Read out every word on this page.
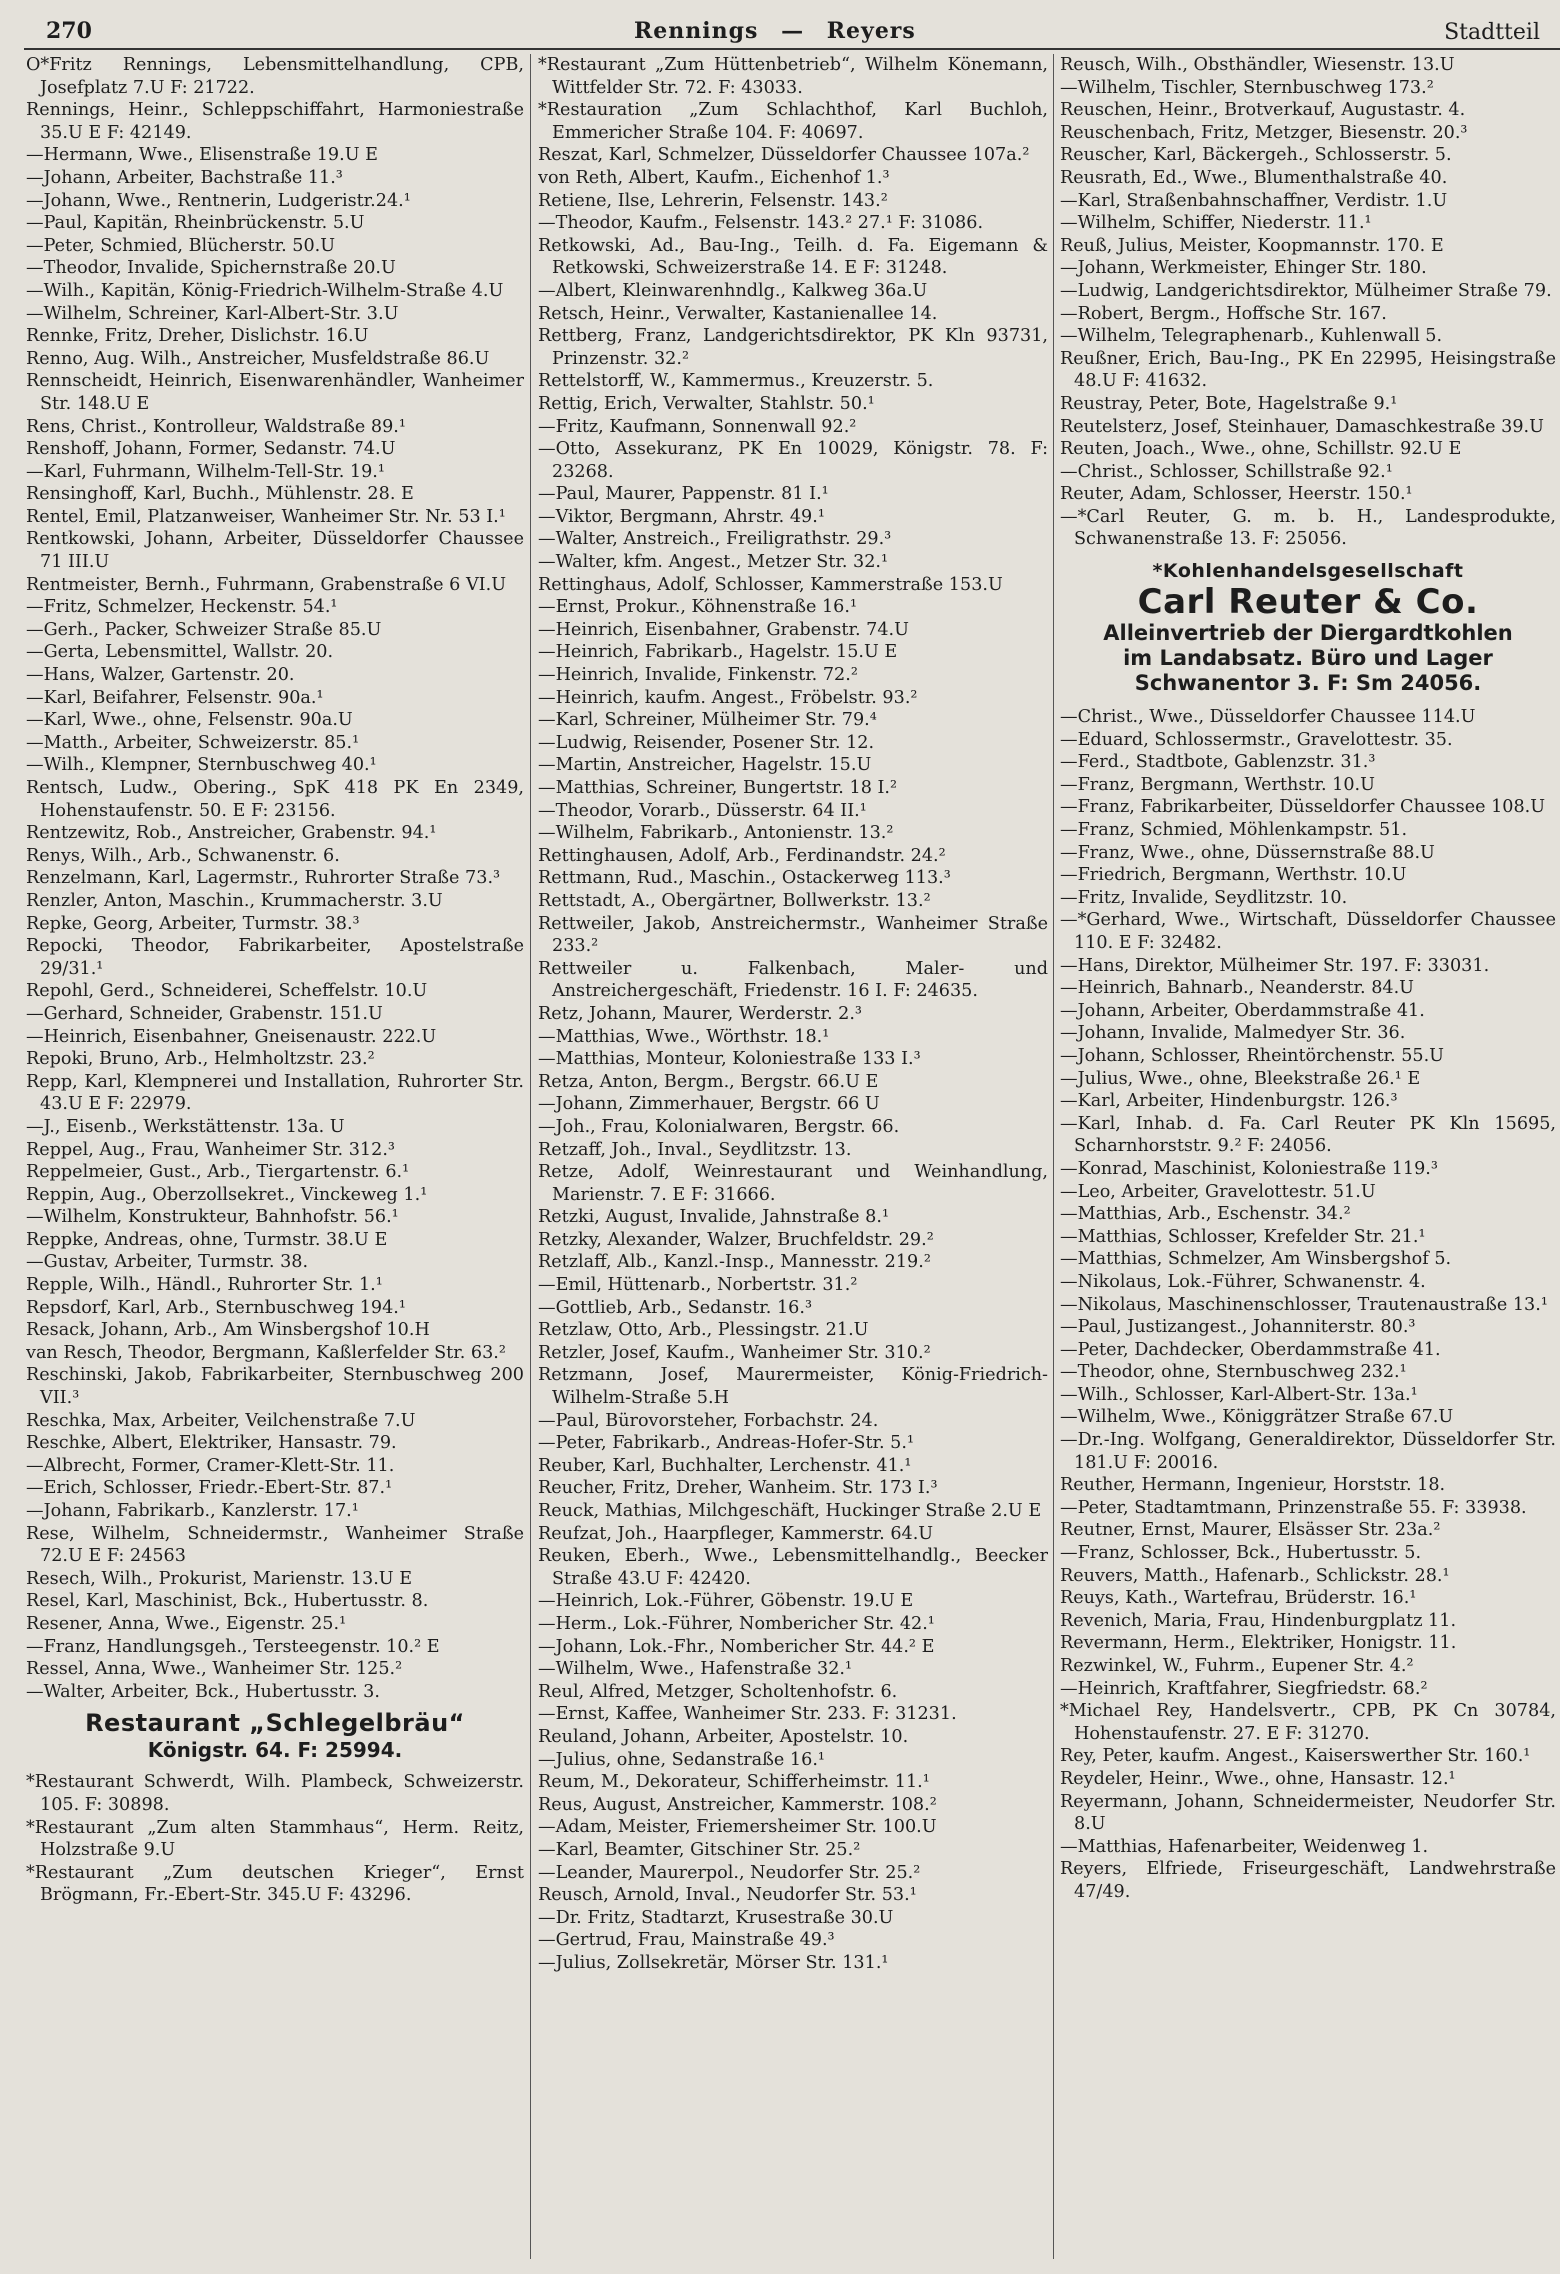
270	Rennings — Reyers	Stadtteil

O*Fritz Rennings, Lebensmittelhandlung, CPB, Josefplatz 7.U F: 21722.

Rennings, Heinr., Schleppschiffahrt, Harmoniestraße 35.U E F: 42149.

—Hermann, Wwe., Elisenstraße 19.U E

—Johann, Arbeiter, Bachstraße 11.³

—Johann, Wwe., Rentnerin, Ludgeristr.24.¹

—Paul, Kapitän, Rheinbrückenstr. 5.U

—Peter, Schmied, Blücherstr. 50.U

—Theodor, Invalide, Spichernstraße 20.U

—Wilh., Kapitän, König-Friedrich-Wilhelm-Straße 4.U

—Wilhelm, Schreiner, Karl-Albert-Str. 3.U

Rennke, Fritz, Dreher, Dislichstr. 16.U

Renno, Aug. Wilh., Anstreicher, Musfeldstraße 86.U

Rennscheidt, Heinrich, Eisenwarenhändler, Wanheimer Str. 148.U E

Rens, Christ., Kontrolleur, Waldstraße 89.¹

Renshoff, Johann, Former, Sedanstr. 74.U

—Karl, Fuhrmann, Wilhelm-Tell-Str. 19.¹

Rensinghoff, Karl, Buchh., Mühlenstr. 28. E

Rentel, Emil, Platzanweiser, Wanheimer Str. Nr. 53 I.¹

Rentkowski, Johann, Arbeiter, Düsseldorfer Chaussee 71 III.U

Rentmeister, Bernh., Fuhrmann, Grabenstraße 6 VI.U

—Fritz, Schmelzer, Heckenstr. 54.¹

—Gerh., Packer, Schweizer Straße 85.U

—Gerta, Lebensmittel, Wallstr. 20.

—Hans, Walzer, Gartenstr. 20.

—Karl, Beifahrer, Felsenstr. 90a.¹

—Karl, Wwe., ohne, Felsenstr. 90a.U

—Matth., Arbeiter, Schweizerstr. 85.¹

—Wilh., Klempner, Sternbuschweg 40.¹

Rentsch, Ludw., Obering., SpK 418 PK En 2349, Hohenstaufenstr. 50. E F: 23156.

Rentzewitz, Rob., Anstreicher, Grabenstr. 94.¹

Renys, Wilh., Arb., Schwanenstr. 6.

Renzelmann, Karl, Lagermstr., Ruhrorter Straße 73.³

Renzler, Anton, Maschin., Krummacherstr. 3.U

Repke, Georg, Arbeiter, Turmstr. 38.³

Repocki, Theodor, Fabrikarbeiter, Apostelstraße 29/31.¹

Repohl, Gerd., Schneiderei, Scheffelstr. 10.U

—Gerhard, Schneider, Grabenstr. 151.U

—Heinrich, Eisenbahner, Gneisenaustr. 222.U

Repoki, Bruno, Arb., Helmholtzstr. 23.²

Repp, Karl, Klempnerei und Installation, Ruhrorter Str. 43.U E F: 22979.

—J., Eisenb., Werkstättenstr. 13a. U

Reppel, Aug., Frau, Wanheimer Str. 312.³

Reppelmeier, Gust., Arb., Tiergartenstr. 6.¹

Reppin, Aug., Oberzollsekret., Vinckeweg 1.¹

—Wilhelm, Konstrukteur, Bahnhofstr. 56.¹

Reppke, Andreas, ohne, Turmstr. 38.U E

—Gustav, Arbeiter, Turmstr. 38.

Repple, Wilh., Händl., Ruhrorter Str. 1.¹

Repsdorf, Karl, Arb., Sternbuschweg 194.¹

Resack, Johann, Arb., Am Winsbergshof 10.H

van Resch, Theodor, Bergmann, Kaßlerfelder Str. 63.²

Reschinski, Jakob, Fabrikarbeiter, Sternbuschweg 200 VII.³

Reschka, Max, Arbeiter, Veilchenstraße 7.U

Reschke, Albert, Elektriker, Hansastr. 79.

—Albrecht, Former, Cramer-Klett-Str. 11.

—Erich, Schlosser, Friedr.-Ebert-Str. 87.¹

—Johann, Fabrikarb., Kanzlerstr. 17.¹

Rese, Wilhelm, Schneidermstr., Wanheimer Straße 72.U E F: 24563

Resech, Wilh., Prokurist, Marienstr. 13.U E

Resel, Karl, Maschinist, Bck., Hubertusstr. 8.

Resener, Anna, Wwe., Eigenstr. 25.¹

—Franz, Handlungsgeh., Tersteegenstr. 10.² E

Ressel, Anna, Wwe., Wanheimer Str. 125.²

—Walter, Arbeiter, Bck., Hubertusstr. 3.

Restaurant „Schlegelbräu“
Königstr. 64. F: 25994.

*Restaurant Schwerdt, Wilh. Plambeck, Schweizerstr. 105. F: 30898.

*Restaurant „Zum alten Stammhaus“, Herm. Reitz, Holzstraße 9.U

*Restaurant „Zum deutschen Krieger“, Ernst Brögmann, Fr.-Ebert-Str. 345.U F: 43296.

*Restaurant „Zum Hüttenbetrieb“, Wilhelm Könemann, Wittfelder Str. 72. F: 43033.

*Restauration „Zum Schlachthof, Karl Buchloh, Emmericher Straße 104. F: 40697.

Reszat, Karl, Schmelzer, Düsseldorfer Chaussee 107a.²

von Reth, Albert, Kaufm., Eichenhof 1.³

Retiene, Ilse, Lehrerin, Felsenstr. 143.²

—Theodor, Kaufm., Felsenstr. 143.² 27.¹ F: 31086.

Retkowski, Ad., Bau-Ing., Teilh. d. Fa. Eigemann & Retkowski, Schweizerstraße 14. E F: 31248.

—Albert, Kleinwarenhndlg., Kalkweg 36a.U

Retsch, Heinr., Verwalter, Kastanienallee 14.

Rettberg, Franz, Landgerichtsdirektor, PK Kln 93731, Prinzenstr. 32.²

Rettelstorff, W., Kammermus., Kreuzerstr. 5.

Rettig, Erich, Verwalter, Stahlstr. 50.¹

—Fritz, Kaufmann, Sonnenwall 92.²

—Otto, Assekuranz, PK En 10029, Königstr. 78. F: 23268.

—Paul, Maurer, Pappenstr. 81 I.¹

—Viktor, Bergmann, Ahrstr. 49.¹

—Walter, Anstreich., Freiligrathstr. 29.³

—Walter, kfm. Angest., Metzer Str. 32.¹

Rettinghaus, Adolf, Schlosser, Kammerstraße 153.U

—Ernst, Prokur., Köhnenstraße 16.¹

—Heinrich, Eisenbahner, Grabenstr. 74.U

—Heinrich, Fabrikarb., Hagelstr. 15.U E

—Heinrich, Invalide, Finkenstr. 72.²

—Heinrich, kaufm. Angest., Fröbelstr. 93.²

—Karl, Schreiner, Mülheimer Str. 79.⁴

—Ludwig, Reisender, Posener Str. 12.

—Martin, Anstreicher, Hagelstr. 15.U

—Matthias, Schreiner, Bungertstr. 18 I.²

—Theodor, Vorarb., Düsserstr. 64 II.¹

—Wilhelm, Fabrikarb., Antonienstr. 13.²

Rettinghausen, Adolf, Arb., Ferdinandstr. 24.²

Rettmann, Rud., Maschin., Ostackerweg 113.³

Rettstadt, A., Obergärtner, Bollwerkstr. 13.²

Rettweiler, Jakob, Anstreichermstr., Wanheimer Straße 233.²

Rettweiler u. Falkenbach, Maler- und Anstreichergeschäft, Friedenstr. 16 I. F: 24635.

Retz, Johann, Maurer, Werderstr. 2.³

—Matthias, Wwe., Wörthstr. 18.¹

—Matthias, Monteur, Koloniestraße 133 I.³

Retza, Anton, Bergm., Bergstr. 66.U E

—Johann, Zimmerhauer, Bergstr. 66 U

—Joh., Frau, Kolonialwaren, Bergstr. 66.

Retzaff, Joh., Inval., Seydlitzstr. 13.

Retze, Adolf, Weinrestaurant und Weinhandlung, Marienstr. 7. E F: 31666.

Retzki, August, Invalide, Jahnstraße 8.¹

Retzky, Alexander, Walzer, Bruchfeldstr. 29.²

Retzlaff, Alb., Kanzl.-Insp., Mannesstr. 219.²

—Emil, Hüttenarb., Norbertstr. 31.²

—Gottlieb, Arb., Sedanstr. 16.³

Retzlaw, Otto, Arb., Plessingstr. 21.U

Retzler, Josef, Kaufm., Wanheimer Str. 310.²

Retzmann, Josef, Maurermeister, König-Friedrich-Wilhelm-Straße 5.H

—Paul, Bürovorsteher, Forbachstr. 24.

—Peter, Fabrikarb., Andreas-Hofer-Str. 5.¹

Reuber, Karl, Buchhalter, Lerchenstr. 41.¹

Reucher, Fritz, Dreher, Wanheim. Str. 173 I.³

Reuck, Mathias, Milchgeschäft, Huckinger Straße 2.U E

Reufzat, Joh., Haarpfleger, Kammerstr. 64.U

Reuken, Eberh., Wwe., Lebensmittelhandlg., Beecker Straße 43.U F: 42420.

—Heinrich, Lok.-Führer, Göbenstr. 19.U E

—Herm., Lok.-Führer, Nombericher Str. 42.¹

—Johann, Lok.-Fhr., Nombericher Str. 44.² E

—Wilhelm, Wwe., Hafenstraße 32.¹

Reul, Alfred, Metzger, Scholtenhofstr. 6.

—Ernst, Kaffee, Wanheimer Str. 233. F: 31231.

Reuland, Johann, Arbeiter, Apostelstr. 10.

—Julius, ohne, Sedanstraße 16.¹

Reum, M., Dekorateur, Schifferheimstr. 11.¹

Reus, August, Anstreicher, Kammerstr. 108.²

—Adam, Meister, Friemersheimer Str. 100.U

—Karl, Beamter, Gitschiner Str. 25.²

—Leander, Maurerpol., Neudorfer Str. 25.²

Reusch, Arnold, Inval., Neudorfer Str. 53.¹

—Dr. Fritz, Stadtarzt, Krusestraße 30.U

—Gertrud, Frau, Mainstraße 49.³

—Julius, Zollsekretär, Mörser Str. 131.¹

Reusch, Wilh., Obsthändler, Wiesenstr. 13.U

—Wilhelm, Tischler, Sternbuschweg 173.²

Reuschen, Heinr., Brotverkauf, Augustastr. 4.

Reuschenbach, Fritz, Metzger, Biesenstr. 20.³

Reuscher, Karl, Bäckergeh., Schlosserstr. 5.

Reusrath, Ed., Wwe., Blumenthalstraße 40.

—Karl, Straßenbahnschaffner, Verdistr. 1.U

—Wilhelm, Schiffer, Niederstr. 11.¹

Reuß, Julius, Meister, Koopmannstr. 170. E

—Johann, Werkmeister, Ehinger Str. 180.

—Ludwig, Landgerichtsdirektor, Mülheimer Straße 79.

—Robert, Bergm., Hoffsche Str. 167.

—Wilhelm, Telegraphenarb., Kuhlenwall 5.

Reußner, Erich, Bau-Ing., PK En 22995, Heisingstraße 48.U F: 41632.

Reustray, Peter, Bote, Hagelstraße 9.¹

Reutelsterz, Josef, Steinhauer, Damaschkestraße 39.U

Reuten, Joach., Wwe., ohne, Schillstr. 92.U E

—Christ., Schlosser, Schillstraße 92.¹

Reuter, Adam, Schlosser, Heerstr. 150.¹

—*Carl Reuter, G. m. b. H., Landesprodukte, Schwanenstraße 13. F: 25056.

*Kohlenhandelsgesellschaft
Carl Reuter & Co.
Alleinvertrieb der Diergardtkohlen
im Landabsatz. Büro und Lager
Schwanentor 3. F: Sm 24056.

—Christ., Wwe., Düsseldorfer Chaussee 114.U

—Eduard, Schlossermstr., Gravelottestr. 35.

—Ferd., Stadtbote, Gablenzstr. 31.³

—Franz, Bergmann, Werthstr. 10.U

—Franz, Fabrikarbeiter, Düsseldorfer Chaussee 108.U

—Franz, Schmied, Möhlenkampstr. 51.

—Franz, Wwe., ohne, Düssernstraße 88.U

—Friedrich, Bergmann, Werthstr. 10.U

—Fritz, Invalide, Seydlitzstr. 10.

—*Gerhard, Wwe., Wirtschaft, Düsseldorfer Chaussee 110. E F: 32482.

—Hans, Direktor, Mülheimer Str. 197. F: 33031.

—Heinrich, Bahnarb., Neanderstr. 84.U

—Johann, Arbeiter, Oberdammstraße 41.

—Johann, Invalide, Malmedyer Str. 36.

—Johann, Schlosser, Rheintörchenstr. 55.U

—Julius, Wwe., ohne, Bleekstraße 26.¹ E

—Karl, Arbeiter, Hindenburgstr. 126.³

—Karl, Inhab. d. Fa. Carl Reuter PK Kln 15695, Scharnhorststr. 9.² F: 24056.

—Konrad, Maschinist, Koloniestraße 119.³

—Leo, Arbeiter, Gravelottestr. 51.U

—Matthias, Arb., Eschenstr. 34.²

—Matthias, Schlosser, Krefelder Str. 21.¹

—Matthias, Schmelzer, Am Winsbergshof 5.

—Nikolaus, Lok.-Führer, Schwanenstr. 4.

—Nikolaus, Maschinenschlosser, Trautenaustraße 13.¹

—Paul, Justizangest., Johanniterstr. 80.³

—Peter, Dachdecker, Oberdammstraße 41.

—Theodor, ohne, Sternbuschweg 232.¹

—Wilh., Schlosser, Karl-Albert-Str. 13a.¹

—Wilhelm, Wwe., Königgrätzer Straße 67.U

—Dr.-Ing. Wolfgang, Generaldirektor, Düsseldorfer Str. 181.U F: 20016.

Reuther, Hermann, Ingenieur, Horststr. 18.

—Peter, Stadtamtmann, Prinzenstraße 55. F: 33938.

Reutner, Ernst, Maurer, Elsässer Str. 23a.²

—Franz, Schlosser, Bck., Hubertusstr. 5.

Reuvers, Matth., Hafenarb., Schlickstr. 28.¹

Reuys, Kath., Wartefrau, Brüderstr. 16.¹

Revenich, Maria, Frau, Hindenburgplatz 11.

Revermann, Herm., Elektriker, Honigstr. 11.

Rezwinkel, W., Fuhrm., Eupener Str. 4.²

—Heinrich, Kraftfahrer, Siegfriedstr. 68.²

*Michael Rey, Handelsvertr., CPB, PK Cn 30784, Hohenstaufenstr. 27. E F: 31270.

Rey, Peter, kaufm. Angest., Kaiserswerther Str. 160.¹

Reydeler, Heinr., Wwe., ohne, Hansastr. 12.¹

Reyermann, Johann, Schneidermeister, Neudorfer Str. 8.U

—Matthias, Hafenarbeiter, Weidenweg 1.

Reyers, Elfriede, Friseurgeschäft, Landwehrstraße 47/49.
